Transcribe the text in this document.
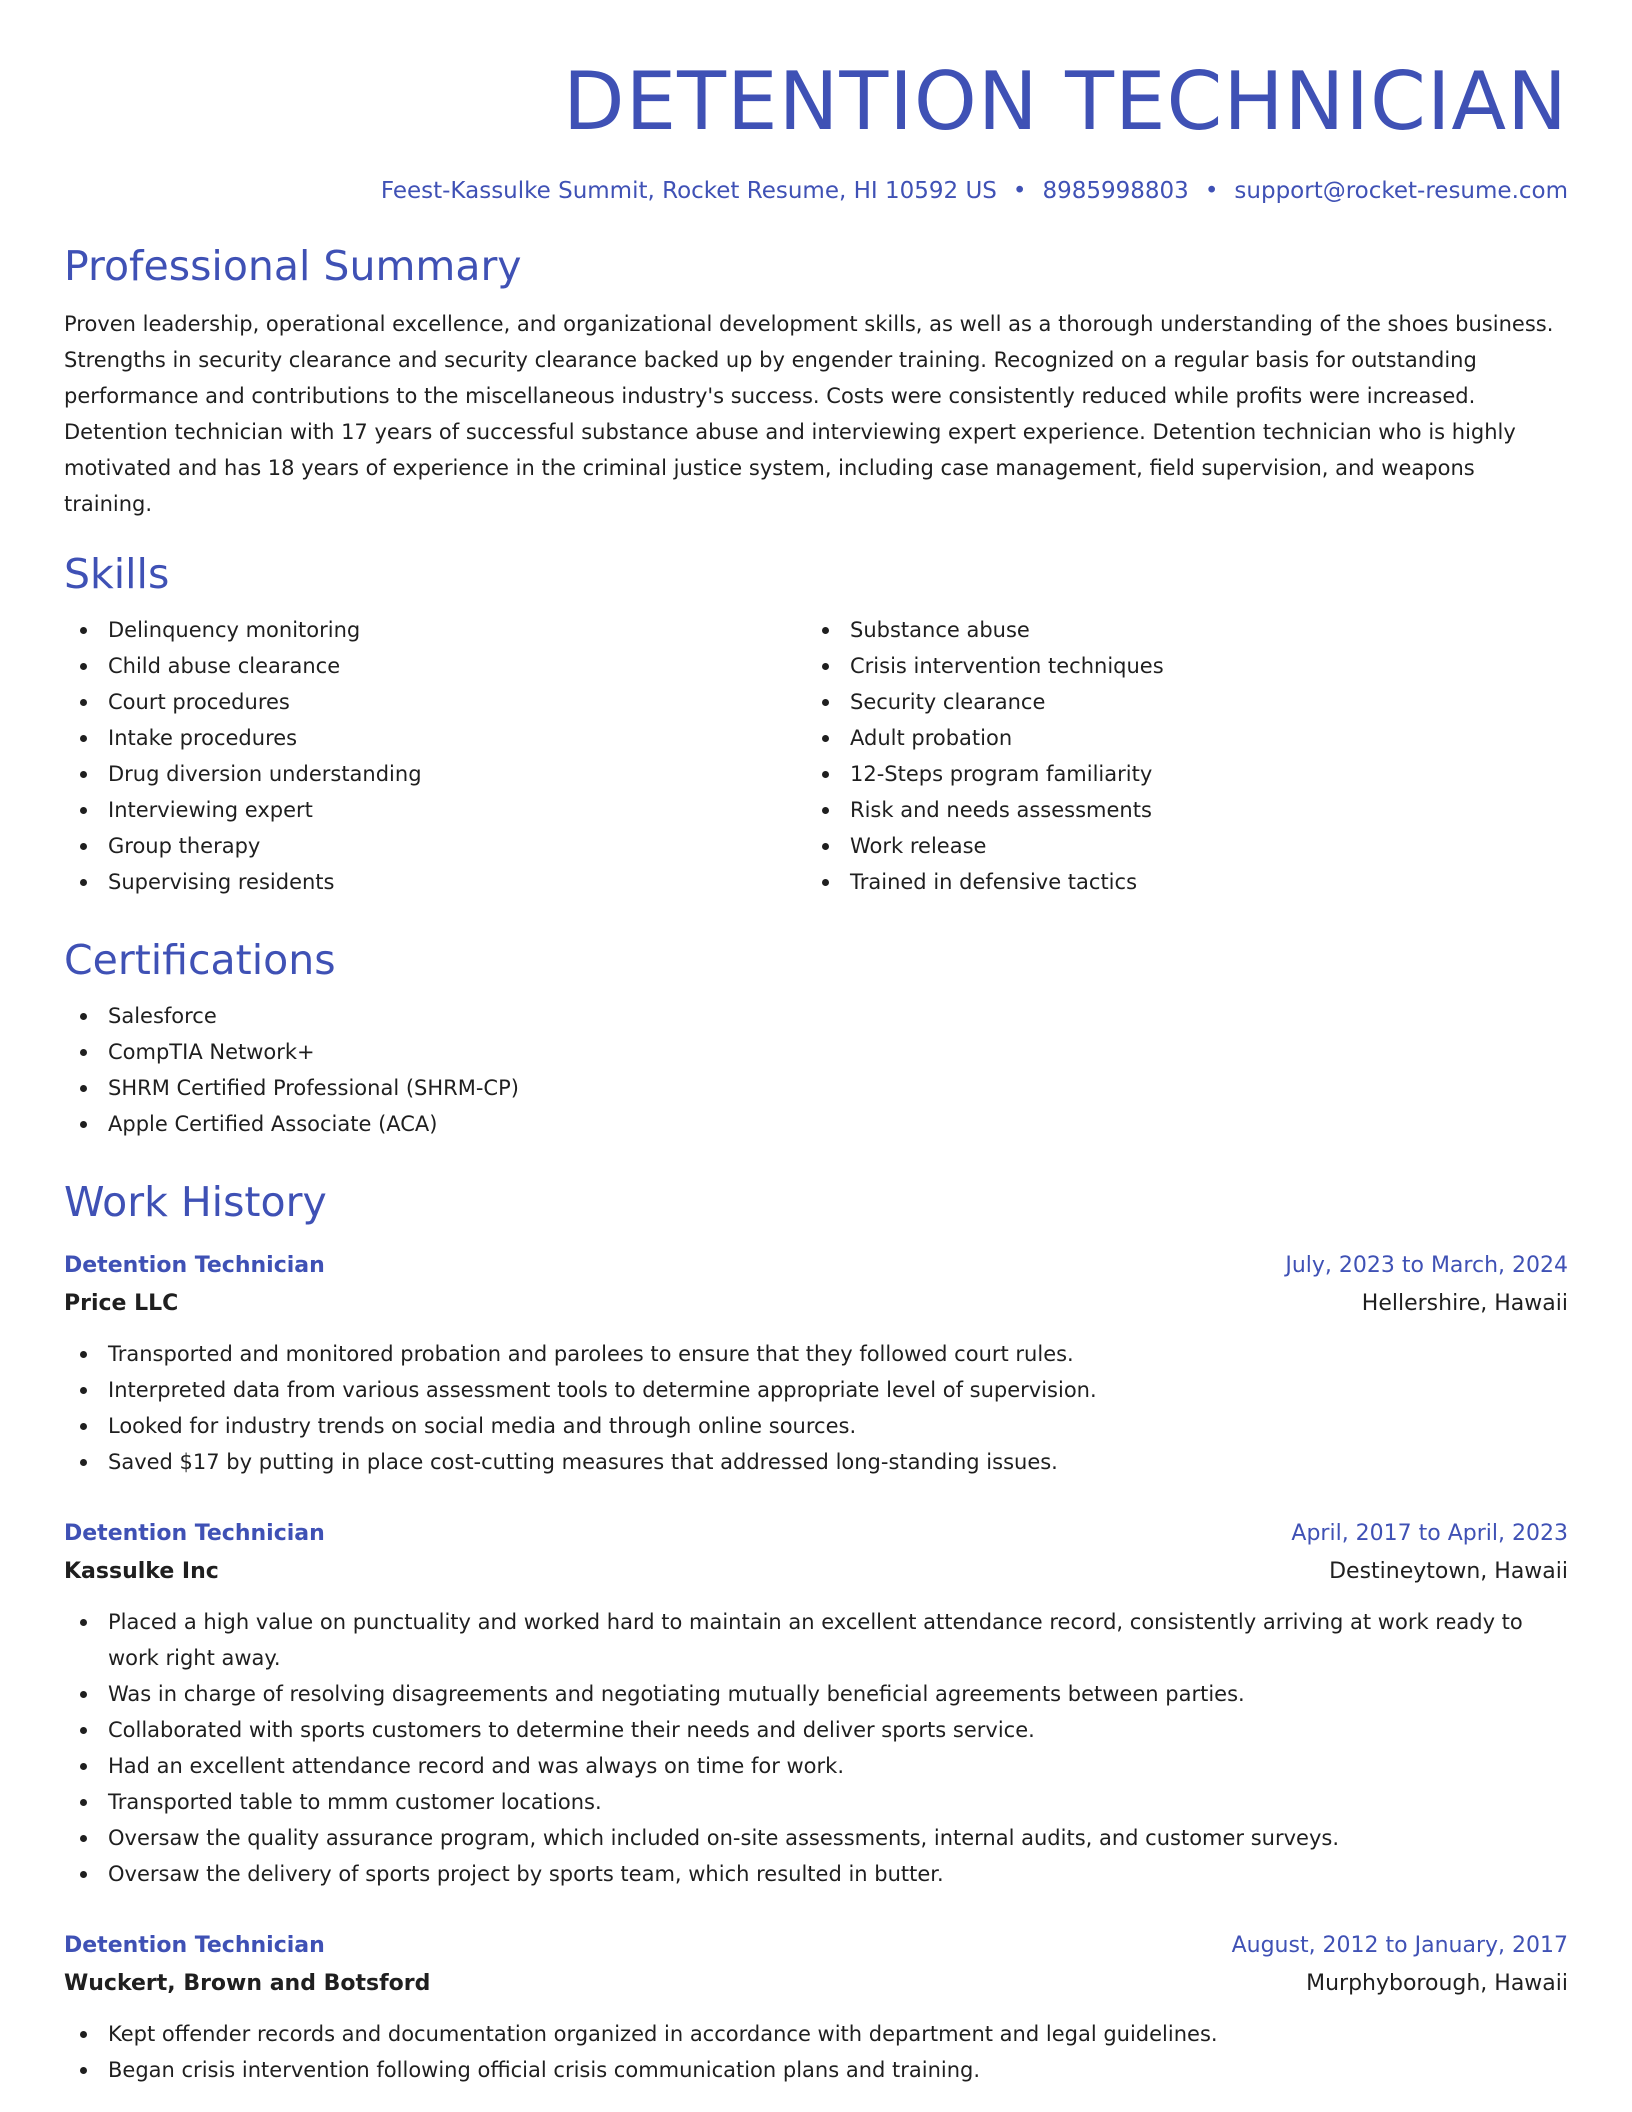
DETENTION TECHNICIAN
Feest-Kassulke Summit, Rocket Resume, HI 10592 US • 8985998803 • support@rocket-resume.com
Professional Summary

Proven leadership, operational excellence, and organizational development skills, as well as a thorough understanding of the shoes business. Strengths in security clearance and security clearance backed up by engender training. Recognized on a regular basis for outstanding performance and contributions to the miscellaneous industry's success. Costs were consistently reduced while profits were increased. Detention technician with 17 years of successful substance abuse and interviewing expert experience. Detention technician who is highly motivated and has 18 years of experience in the criminal justice system, including case management, field supervision, and weapons training.

Skills
Delinquency monitoring
Child abuse clearance
Court procedures
Intake procedures
Drug diversion understanding
Interviewing expert
Group therapy
Supervising residents
Substance abuse
Crisis intervention techniques
Security clearance
Adult probation
12-Steps program familiarity
Risk and needs assessments
Work release
Trained in defensive tactics
Certifications
Salesforce
CompTIA Network+
SHRM Certified Professional (SHRM-CP)
Apple Certified Associate (ACA)
Work History
Detention Technician	July, 2023 to March, 2024
Price LLC	Hellershire, Hawaii
Transported and monitored probation and parolees to ensure that they followed court rules.
Interpreted data from various assessment tools to determine appropriate level of supervision.
Looked for industry trends on social media and through online sources.
Saved $17 by putting in place cost-cutting measures that addressed long-standing issues.
Detention Technician	April, 2017 to April, 2023
Kassulke Inc	Destineytown, Hawaii
Placed a high value on punctuality and worked hard to maintain an excellent attendance record, consistently arriving at work ready to work right away.
Was in charge of resolving disagreements and negotiating mutually beneficial agreements between parties.
Collaborated with sports customers to determine their needs and deliver sports service.
Had an excellent attendance record and was always on time for work.
Transported table to mmm customer locations.
Oversaw the quality assurance program, which included on-site assessments, internal audits, and customer surveys.
Oversaw the delivery of sports project by sports team, which resulted in butter.
Detention Technician	August, 2012 to January, 2017
Wuckert, Brown and Botsford	Murphyborough, Hawaii
Kept offender records and documentation organized in accordance with department and legal guidelines.
Began crisis intervention following official crisis communication plans and training.
